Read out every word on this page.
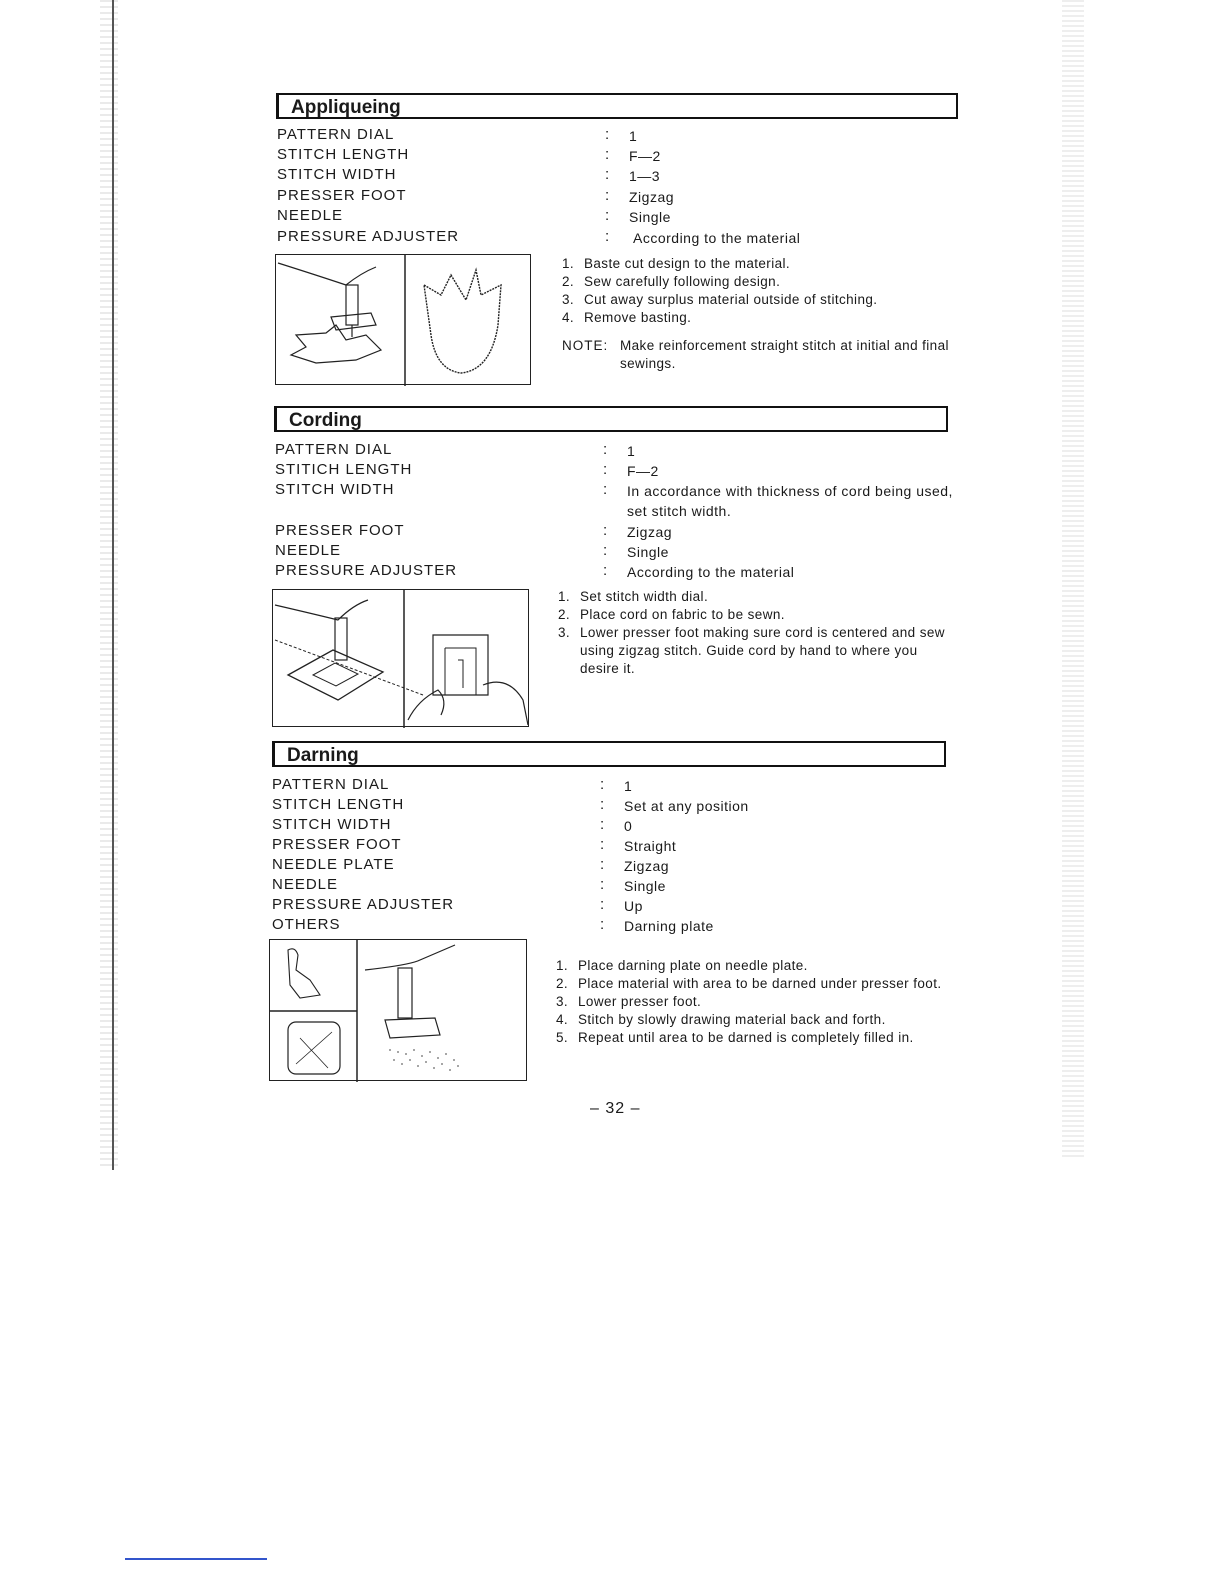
Appliqueing
PATTERN DIAL	: 1
STITCH LENGTH	: F—2
STITCH WIDTH	: 1—3
PRESSER FOOT	: Zigzag
NEEDLE	: Single
PRESSURE ADJUSTER	: According to the material
1. Baste cut design to the material.
2. Sew carefully following design.
3. Cut away surplus material outside of stitching.
4. Remove basting.
NOTE: Make reinforcement straight stitch at initial and final sewings.
Cording
PATTERN DIAL	: 1
STITICH LENGTH	: F—2
STITCH WIDTH	: In accordance with thickness of cord being used, set stitch width.
PRESSER FOOT	: Zigzag
NEEDLE	: Single
PRESSURE ADJUSTER	: According to the material
1. Set stitch width dial.
2. Place cord on fabric to be sewn.
3. Lower presser foot making sure cord is centered and sew using zigzag stitch. Guide cord by hand to where you desire it.
Darning
PATTERN DIAL	: 1
STITCH LENGTH	: Set at any position
STITCH WIDTH	: 0
PRESSER FOOT	: Straight
NEEDLE PLATE	: Zigzag
NEEDLE	: Single
PRESSURE ADJUSTER	: Up
OTHERS	: Darning plate
1. Place darning plate on needle plate.
2. Place material with area to be darned under presser foot.
3. Lower presser foot.
4. Stitch by slowly drawing material back and forth.
5. Repeat until area to be darned is completely filled in.
– 32 –
